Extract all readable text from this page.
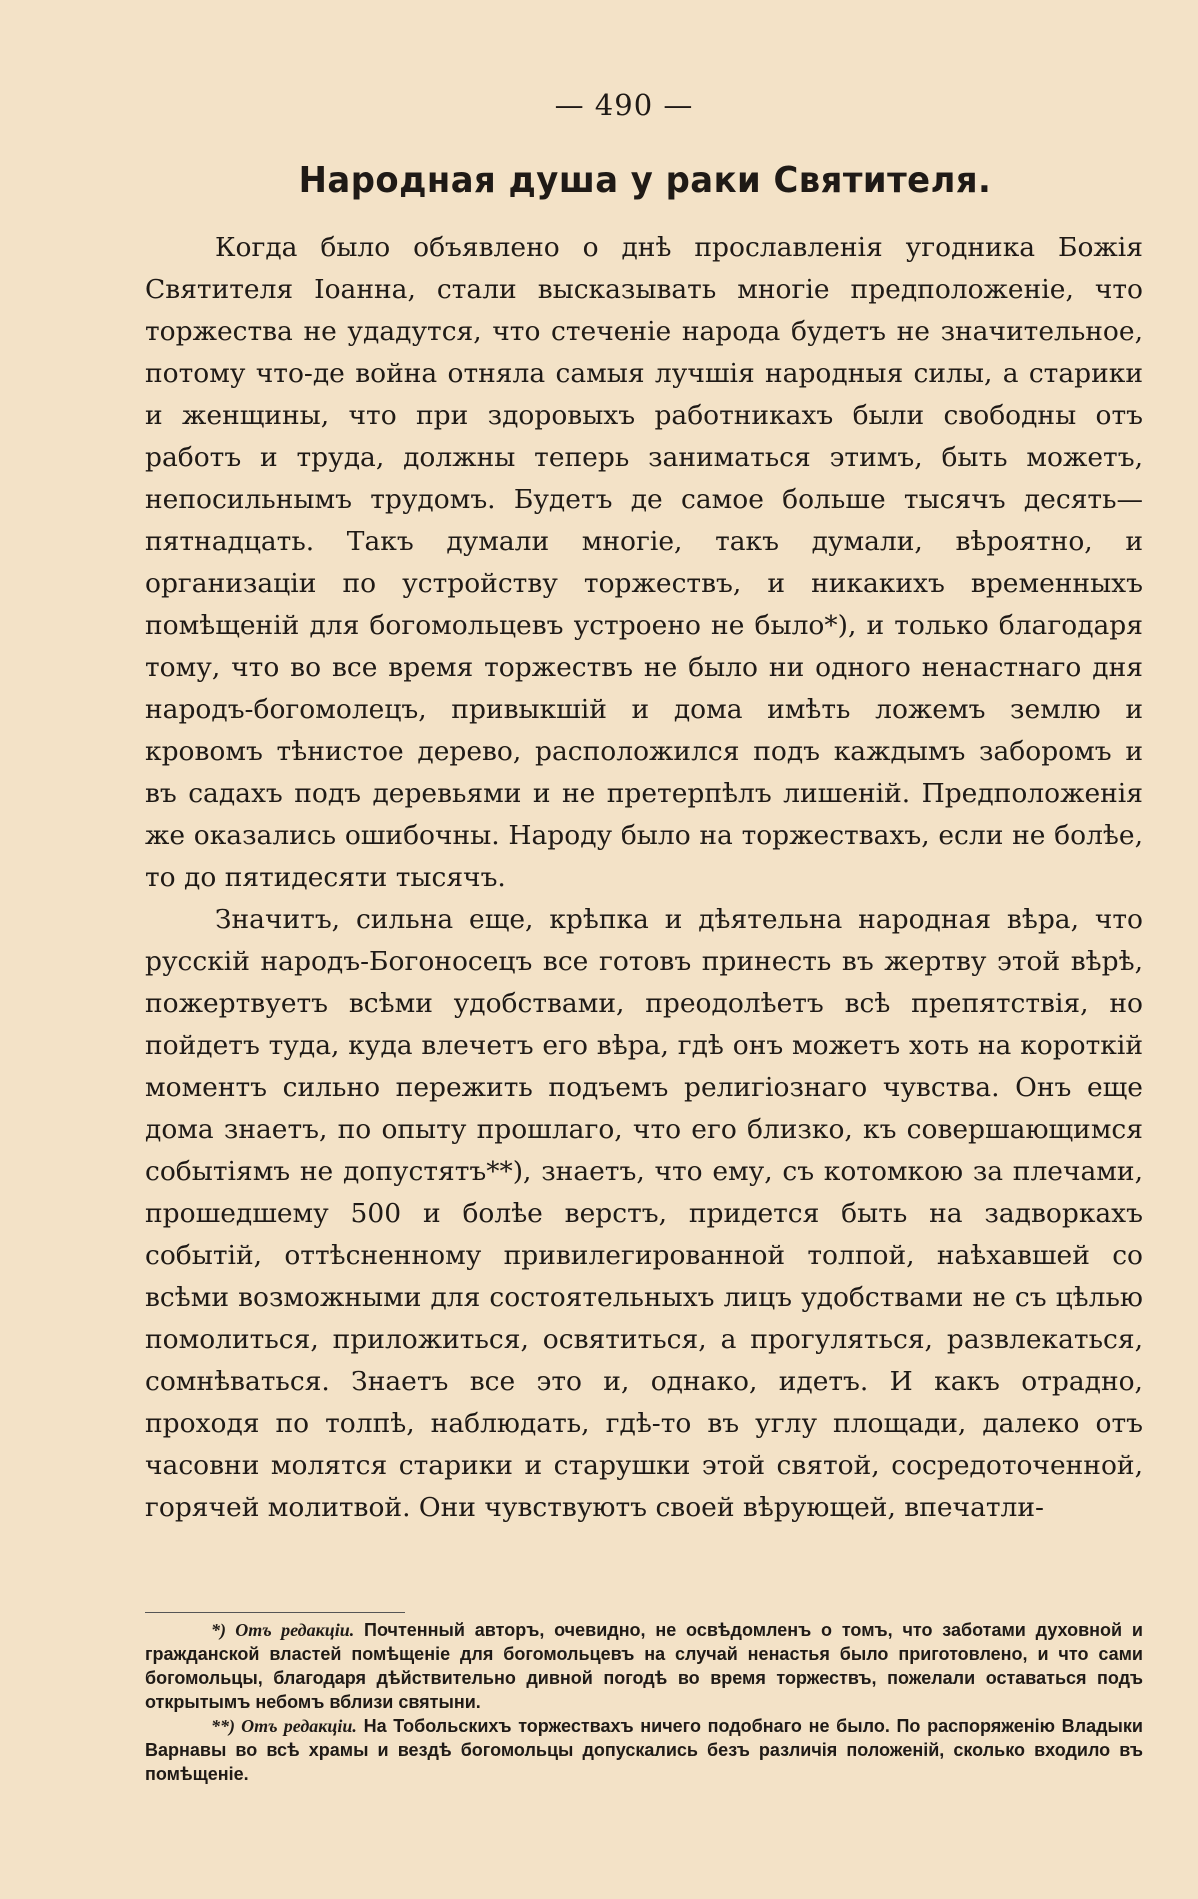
— 490 —
Народная душа у раки Святителя.

Когда было объявлено о днѣ прославленія угодника Божія Святителя Іоанна, стали высказывать многіе предположеніе, что торжества не удадутся, что стеченіе народа будетъ не значительное, потому что-де война отняла самыя лучшія народныя силы, а старики и женщины, что при здоровыхъ работникахъ были свободны отъ работъ и труда, должны теперь заниматься этимъ, быть можетъ, непосильнымъ трудомъ. Будетъ де самое больше тысячъ десять—пятнадцать. Такъ думали многіе, такъ думали, вѣроятно, и организаціи по устройству торжествъ, и никакихъ временныхъ помѣщеній для богомольцевъ устроено не было*), и только благодаря тому, что во все время торжествъ не было ни одного ненастнаго дня народъ-богомолецъ, привыкшій и дома имѣть ложемъ землю и кровомъ тѣнистое дерево, расположился подъ каждымъ заборомъ и въ садахъ подъ деревьями и не претерпѣлъ лишеній. Предположенія же оказались ошибочны. Народу было на торжествахъ, если не болѣе, то до пятидесяти тысячъ.

Значитъ, сильна еще, крѣпка и дѣятельна народная вѣра, что русскій народъ-Богоносецъ все готовъ принесть въ жертву этой вѣрѣ, пожертвуетъ всѣми удобствами, преодолѣетъ всѣ препятствія, но пойдетъ туда, куда влечетъ его вѣра, гдѣ онъ можетъ хоть на короткій моментъ сильно пережить подъемъ религіознаго чувства. Онъ еще дома знаетъ, по опыту прошлаго, что его близко, къ совершающимся событіямъ не допустятъ**), знаетъ, что ему, съ котомкою за плечами, прошедшему 500 и болѣе верстъ, придется быть на задворкахъ событій, оттѣсненному привилегированной толпой, наѣхавшей со всѣми возможными для состоятельныхъ лицъ удобствами не съ цѣлью помолиться, приложиться, освятиться, а прогуляться, развлекаться, сомнѣваться. Знаетъ все это и, однако, идетъ. И какъ отрадно, проходя по толпѣ, наблюдать, гдѣ-то въ углу площади, далеко отъ часовни молятся старики и старушки этой святой, сосредоточенной, горячей молитвой. Они чувствуютъ своей вѣрующей, впечатли-

*) Отъ редакціи. Почтенный авторъ, очевидно, не освѣдомленъ о томъ, что заботами духовной и гражданской властей помѣщеніе для богомольцевъ на случай ненастья было приготовлено, и что сами богомольцы, благодаря дѣйствительно дивной погодѣ во время торжествъ, пожелали оставаться подъ открытымъ небомъ вблизи святыни.

**) Отъ редакціи. На Тобольскихъ торжествахъ ничего подобнаго не было. По распоряженію Владыки Варнавы во всѣ храмы и вездѣ богомольцы допускались безъ различія положеній, сколько входило въ помѣщеніе.
